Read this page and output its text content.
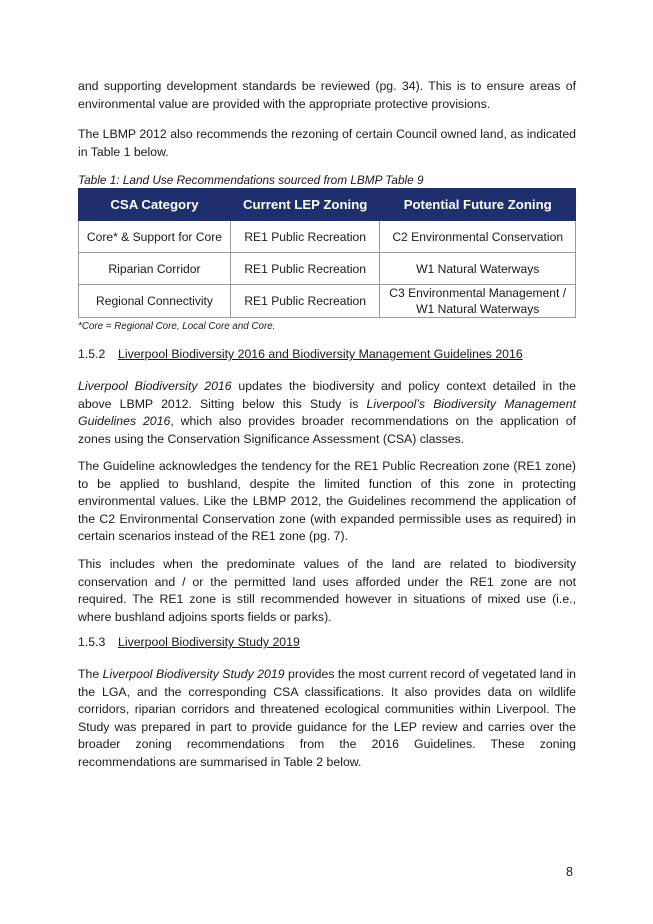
and supporting development standards be reviewed (pg. 34). This is to ensure areas of environmental value are provided with the appropriate protective provisions.

The LBMP 2012 also recommends the rezoning of certain Council owned land, as indicated in Table 1 below.

Table 1: Land Use Recommendations sourced from LBMP Table 9

CSA Category	Current LEP Zoning	Potential Future Zoning
Core* & Support for Core	RE1 Public Recreation	C2 Environmental Conservation
Riparian Corridor	RE1 Public Recreation	W1 Natural Waterways
Regional Connectivity	RE1 Public Recreation	C3 Environmental Management / W1 Natural Waterways

*Core = Regional Core, Local Core and Core.

1.5.2 Liverpool Biodiversity 2016 and Biodiversity Management Guidelines 2016

Liverpool Biodiversity 2016 updates the biodiversity and policy context detailed in the above LBMP 2012. Sitting below this Study is Liverpool’s Biodiversity Management Guidelines 2016, which also provides broader recommendations on the application of zones using the Conservation Significance Assessment (CSA) classes.

The Guideline acknowledges the tendency for the RE1 Public Recreation zone (RE1 zone) to be applied to bushland, despite the limited function of this zone in protecting environmental values. Like the LBMP 2012, the Guidelines recommend the application of the C2 Environmental Conservation zone (with expanded permissible uses as required) in certain scenarios instead of the RE1 zone (pg. 7).

This includes when the predominate values of the land are related to biodiversity conservation and / or the permitted land uses afforded under the RE1 zone are not required. The RE1 zone is still recommended however in situations of mixed use (i.e., where bushland adjoins sports fields or parks).

1.5.3 Liverpool Biodiversity Study 2019

The Liverpool Biodiversity Study 2019 provides the most current record of vegetated land in the LGA, and the corresponding CSA classifications. It also provides data on wildlife corridors, riparian corridors and threatened ecological communities within Liverpool. The Study was prepared in part to provide guidance for the LEP review and carries over the broader zoning recommendations from the 2016 Guidelines. These zoning recommendations are summarised in Table 2 below.

8
